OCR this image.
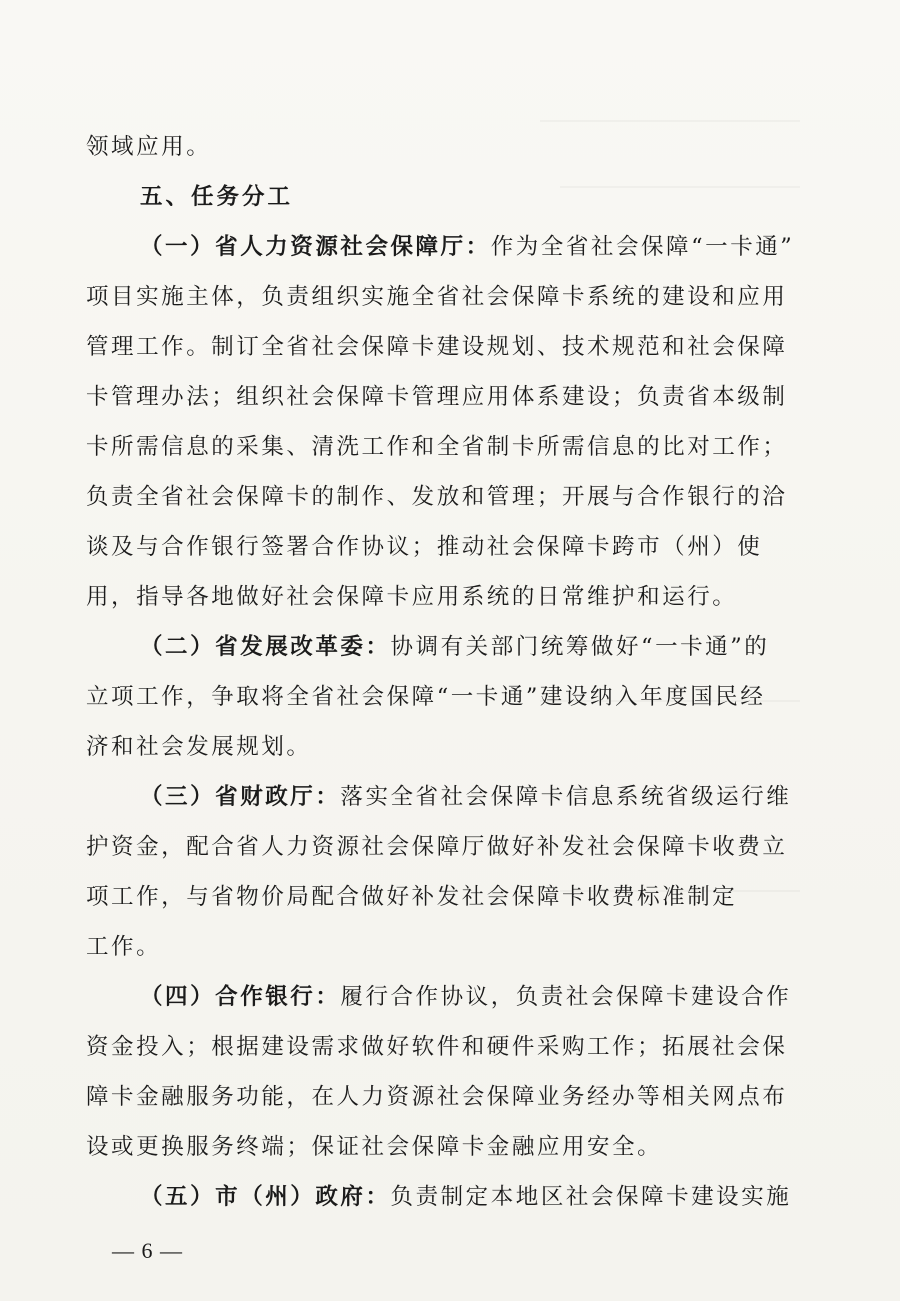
领域应用。
五、任务分工
（一）省人力资源社会保障厅：作为全省社会保障“一卡通”
项目实施主体，负责组织实施全省社会保障卡系统的建设和应用
管理工作。制订全省社会保障卡建设规划、技术规范和社会保障
卡管理办法；组织社会保障卡管理应用体系建设；负责省本级制
卡所需信息的采集、清洗工作和全省制卡所需信息的比对工作；
负责全省社会保障卡的制作、发放和管理；开展与合作银行的洽
谈及与合作银行签署合作协议；推动社会保障卡跨市（州）使
用，指导各地做好社会保障卡应用系统的日常维护和运行。
（二）省发展改革委：协调有关部门统筹做好“一卡通”的
立项工作，争取将全省社会保障“一卡通”建设纳入年度国民经
济和社会发展规划。
（三）省财政厅：落实全省社会保障卡信息系统省级运行维
护资金，配合省人力资源社会保障厅做好补发社会保障卡收费立
项工作，与省物价局配合做好补发社会保障卡收费标准制定
工作。
（四）合作银行：履行合作协议，负责社会保障卡建设合作
资金投入；根据建设需求做好软件和硬件采购工作；拓展社会保
障卡金融服务功能，在人力资源社会保障业务经办等相关网点布
设或更换服务终端；保证社会保障卡金融应用安全。
（五）市（州）政府：负责制定本地区社会保障卡建设实施
— 6 —
